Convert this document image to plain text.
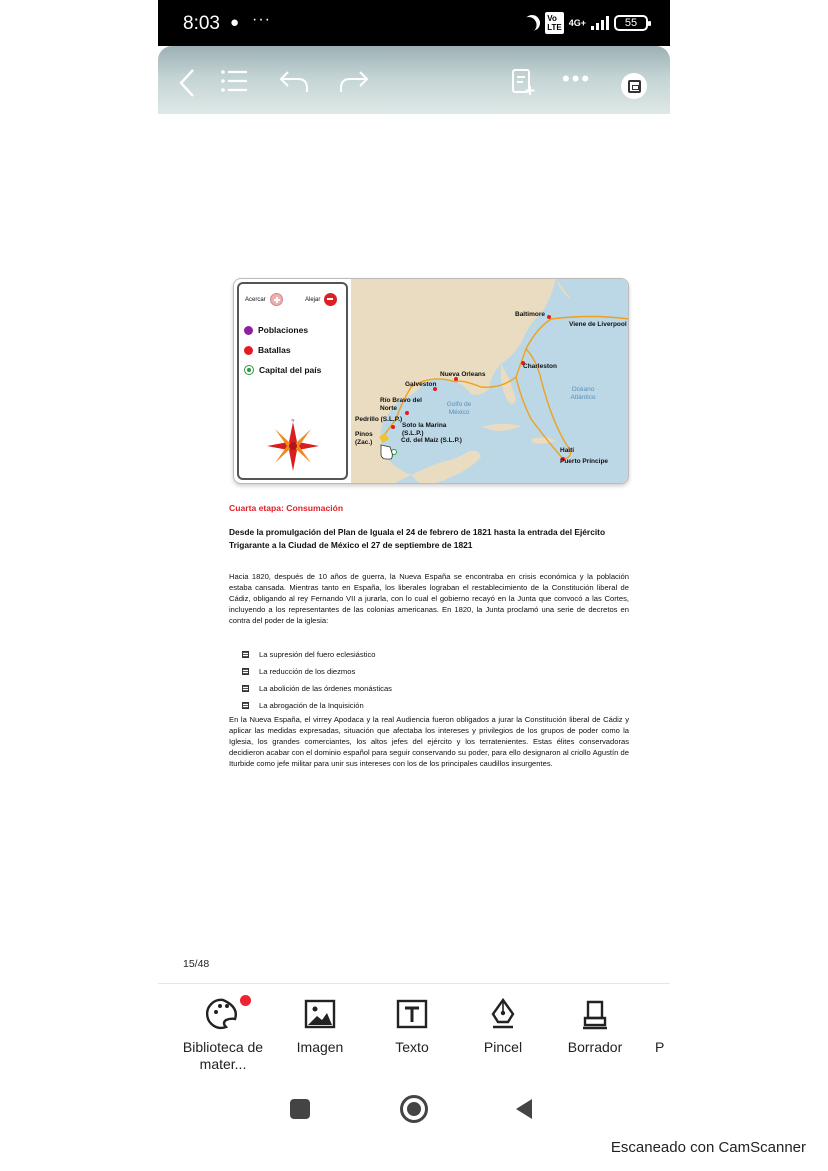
8:03 ● ···	Vo
LTE 4G+	55
•••
Acercar	Alejar
Poblaciones
Batallas
Capital del país
N
Baltimore
Viene de Liverpool
Charleston
Nueva Orleans
Galveston
Río Bravo del Norte
Soto la Marina (S.L.P.)
Pedrillo (S.L.P.)
Cd. del Maíz (S.L.P.)
Pinos (Zac.)
Haití
Puerto Príncipe
Golfo de México
Océano Atlántico
Cuarta etapa: Consumación
Desde la promulgación del Plan de Iguala el 24 de febrero de 1821 hasta la entrada del Ejército Trigarante a la Ciudad de México el 27 de septiembre de 1821
Hacia 1820, después de 10 años de guerra, la Nueva España se encontraba en crisis económica y la población estaba cansada. Mientras tanto en España, los liberales lograban el restablecimiento de la Constitución liberal de Cádiz, obligando al rey Fernando VII a jurarla, con lo cual el gobierno recayó en la Junta que convocó a las Cortes, incluyendo a los representantes de las colonias americanas. En 1820, la Junta proclamó una serie de decretos en contra del poder de la iglesia:
La supresión del fuero eclesiástico
La reducción de los diezmos
La abolición de las órdenes monásticas
La abrogación de la Inquisición
En la Nueva España, el virrey Apodaca y la real Audiencia fueron obligados a jurar la Constitución liberal de Cádiz y aplicar las medidas expresadas, situación que afectaba los intereses y privilegios de los grupos de poder como la Iglesia, los grandes comerciantes, los altos jefes del ejército y los terratenientes. Estas élites conservadoras decidieron acabar con el dominio español para seguir conservando su poder, para ello designaron al criollo Agustín de Iturbide como jefe militar para unir sus intereses con los de los principales caudillos insurgentes.
15/48
Biblioteca de mater...
Imagen	Texto	Pincel	Borrador	P
Escaneado con CamScanner
